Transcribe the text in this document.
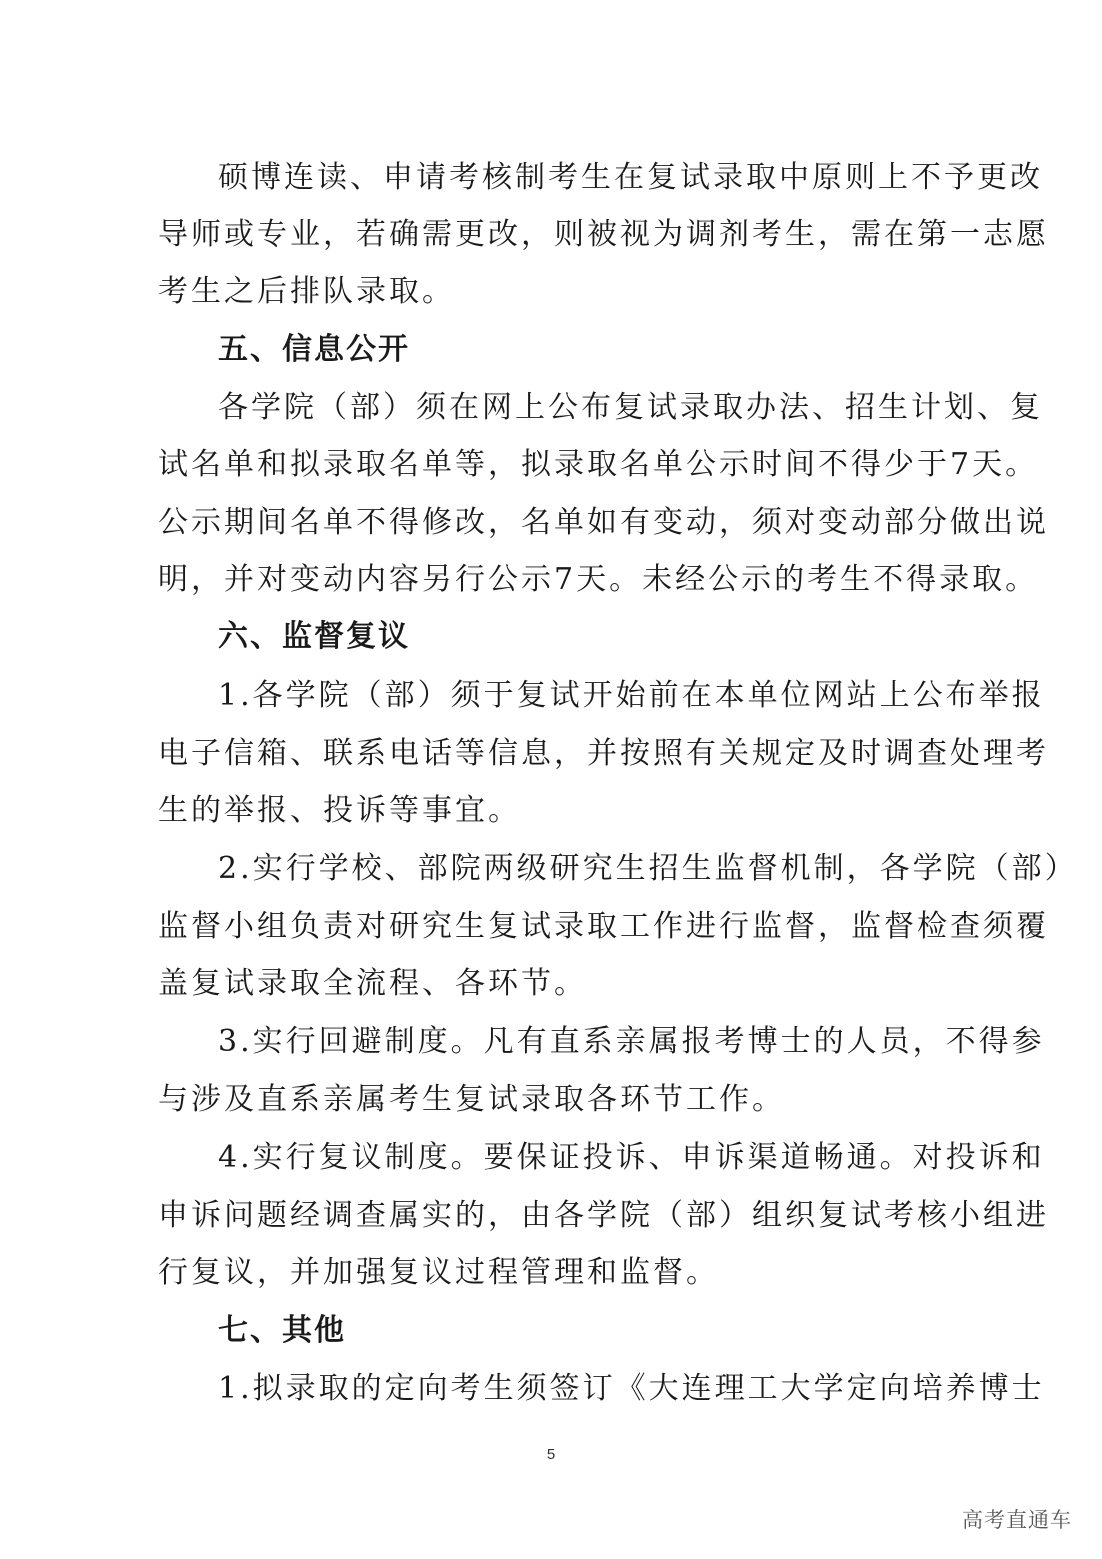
硕博连读、申请考核制考生在复试录取中原则上不予更改
导师或专业，若确需更改，则被视为调剂考生，需在第一志愿
考生之后排队录取。
五、信息公开
各学院（部）须在网上公布复试录取办法、招生计划、复
试名单和拟录取名单等，拟录取名单公示时间不得少于7天。
公示期间名单不得修改，名单如有变动，须对变动部分做出说
明，并对变动内容另行公示7天。未经公示的考生不得录取。
六、监督复议
1.各学院（部）须于复试开始前在本单位网站上公布举报
电子信箱、联系电话等信息，并按照有关规定及时调查处理考
生的举报、投诉等事宜。
2.实行学校、部院两级研究生招生监督机制，各学院（部）
监督小组负责对研究生复试录取工作进行监督，监督检查须覆
盖复试录取全流程、各环节。
3.实行回避制度。凡有直系亲属报考博士的人员，不得参
与涉及直系亲属考生复试录取各环节工作。
4.实行复议制度。要保证投诉、申诉渠道畅通。对投诉和
申诉问题经调查属实的，由各学院（部）组织复试考核小组进
行复议，并加强复议过程管理和监督。
七、其他
1.拟录取的定向考生须签订《大连理工大学定向培养博士
5
高考直通车
